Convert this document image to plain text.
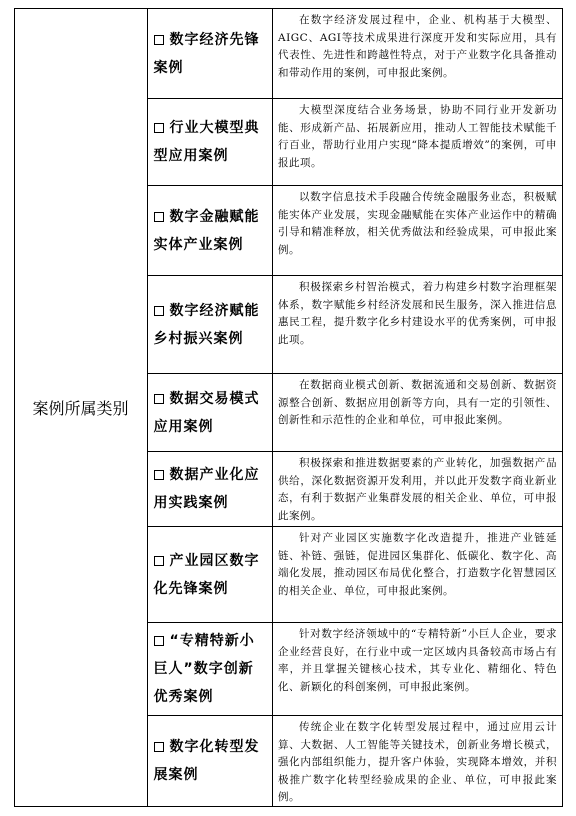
案例所属类别
数字经济先锋案例
在数字经济发展过程中，企业、机构基于大模型、AIGC、AGI等技术成果进行深度开发和实际应用，具有代表性、先进性和跨越性特点，对于产业数字化具备推动和带动作用的案例，可申报此案例。
行业大模型典型应用案例
大模型深度结合业务场景，协助不同行业开发新功能、形成新产品、拓展新应用，推动人工智能技术赋能千行百业，帮助行业用户实现“降本提质增效”的案例，可申报此项。
数字金融赋能实体产业案例
以数字信息技术手段融合传统金融服务业态，积极赋能实体产业发展，实现金融赋能在实体产业运作中的精确引导和精准释放，相关优秀做法和经验成果，可申报此案例。
数字经济赋能乡村振兴案例
积极探索乡村智治模式，着力构建乡村数字治理框架体系，数字赋能乡村经济发展和民生服务，深入推进信息惠民工程，提升数字化乡村建设水平的优秀案例，可申报此项。
数据交易模式应用案例
在数据商业模式创新、数据流通和交易创新、数据资源整合创新、数据应用创新等方向，具有一定的引领性、创新性和示范性的企业和单位，可申报此案例。
数据产业化应用实践案例
积极探索和推进数据要素的产业转化，加强数据产品供给，深化数据资源开发利用，并以此开发数字商业新业态，有利于数据产业集群发展的相关企业、单位，可申报此案例。
产业园区数字化先锋案例
针对产业园区实施数字化改造提升，推进产业链延链、补链、强链，促进园区集群化、低碳化、数字化、高端化发展，推动园区布局优化整合，打造数字化智慧园区的相关企业、单位，可申报此案例。
“专精特新小巨人”数字创新优秀案例
针对数字经济领域中的“专精特新”小巨人企业，要求企业经营良好，在行业中或一定区域内具备较高市场占有率，并且掌握关键核心技术，其专业化、精细化、特色化、新颖化的科创案例，可申报此案例。
数字化转型发展案例
传统企业在数字化转型发展过程中，通过应用云计算、大数据、人工智能等关键技术，创新业务增长模式，强化内部组织能力，提升客户体验，实现降本增效，并积极推广数字化转型经验成果的企业、单位，可申报此案例。
